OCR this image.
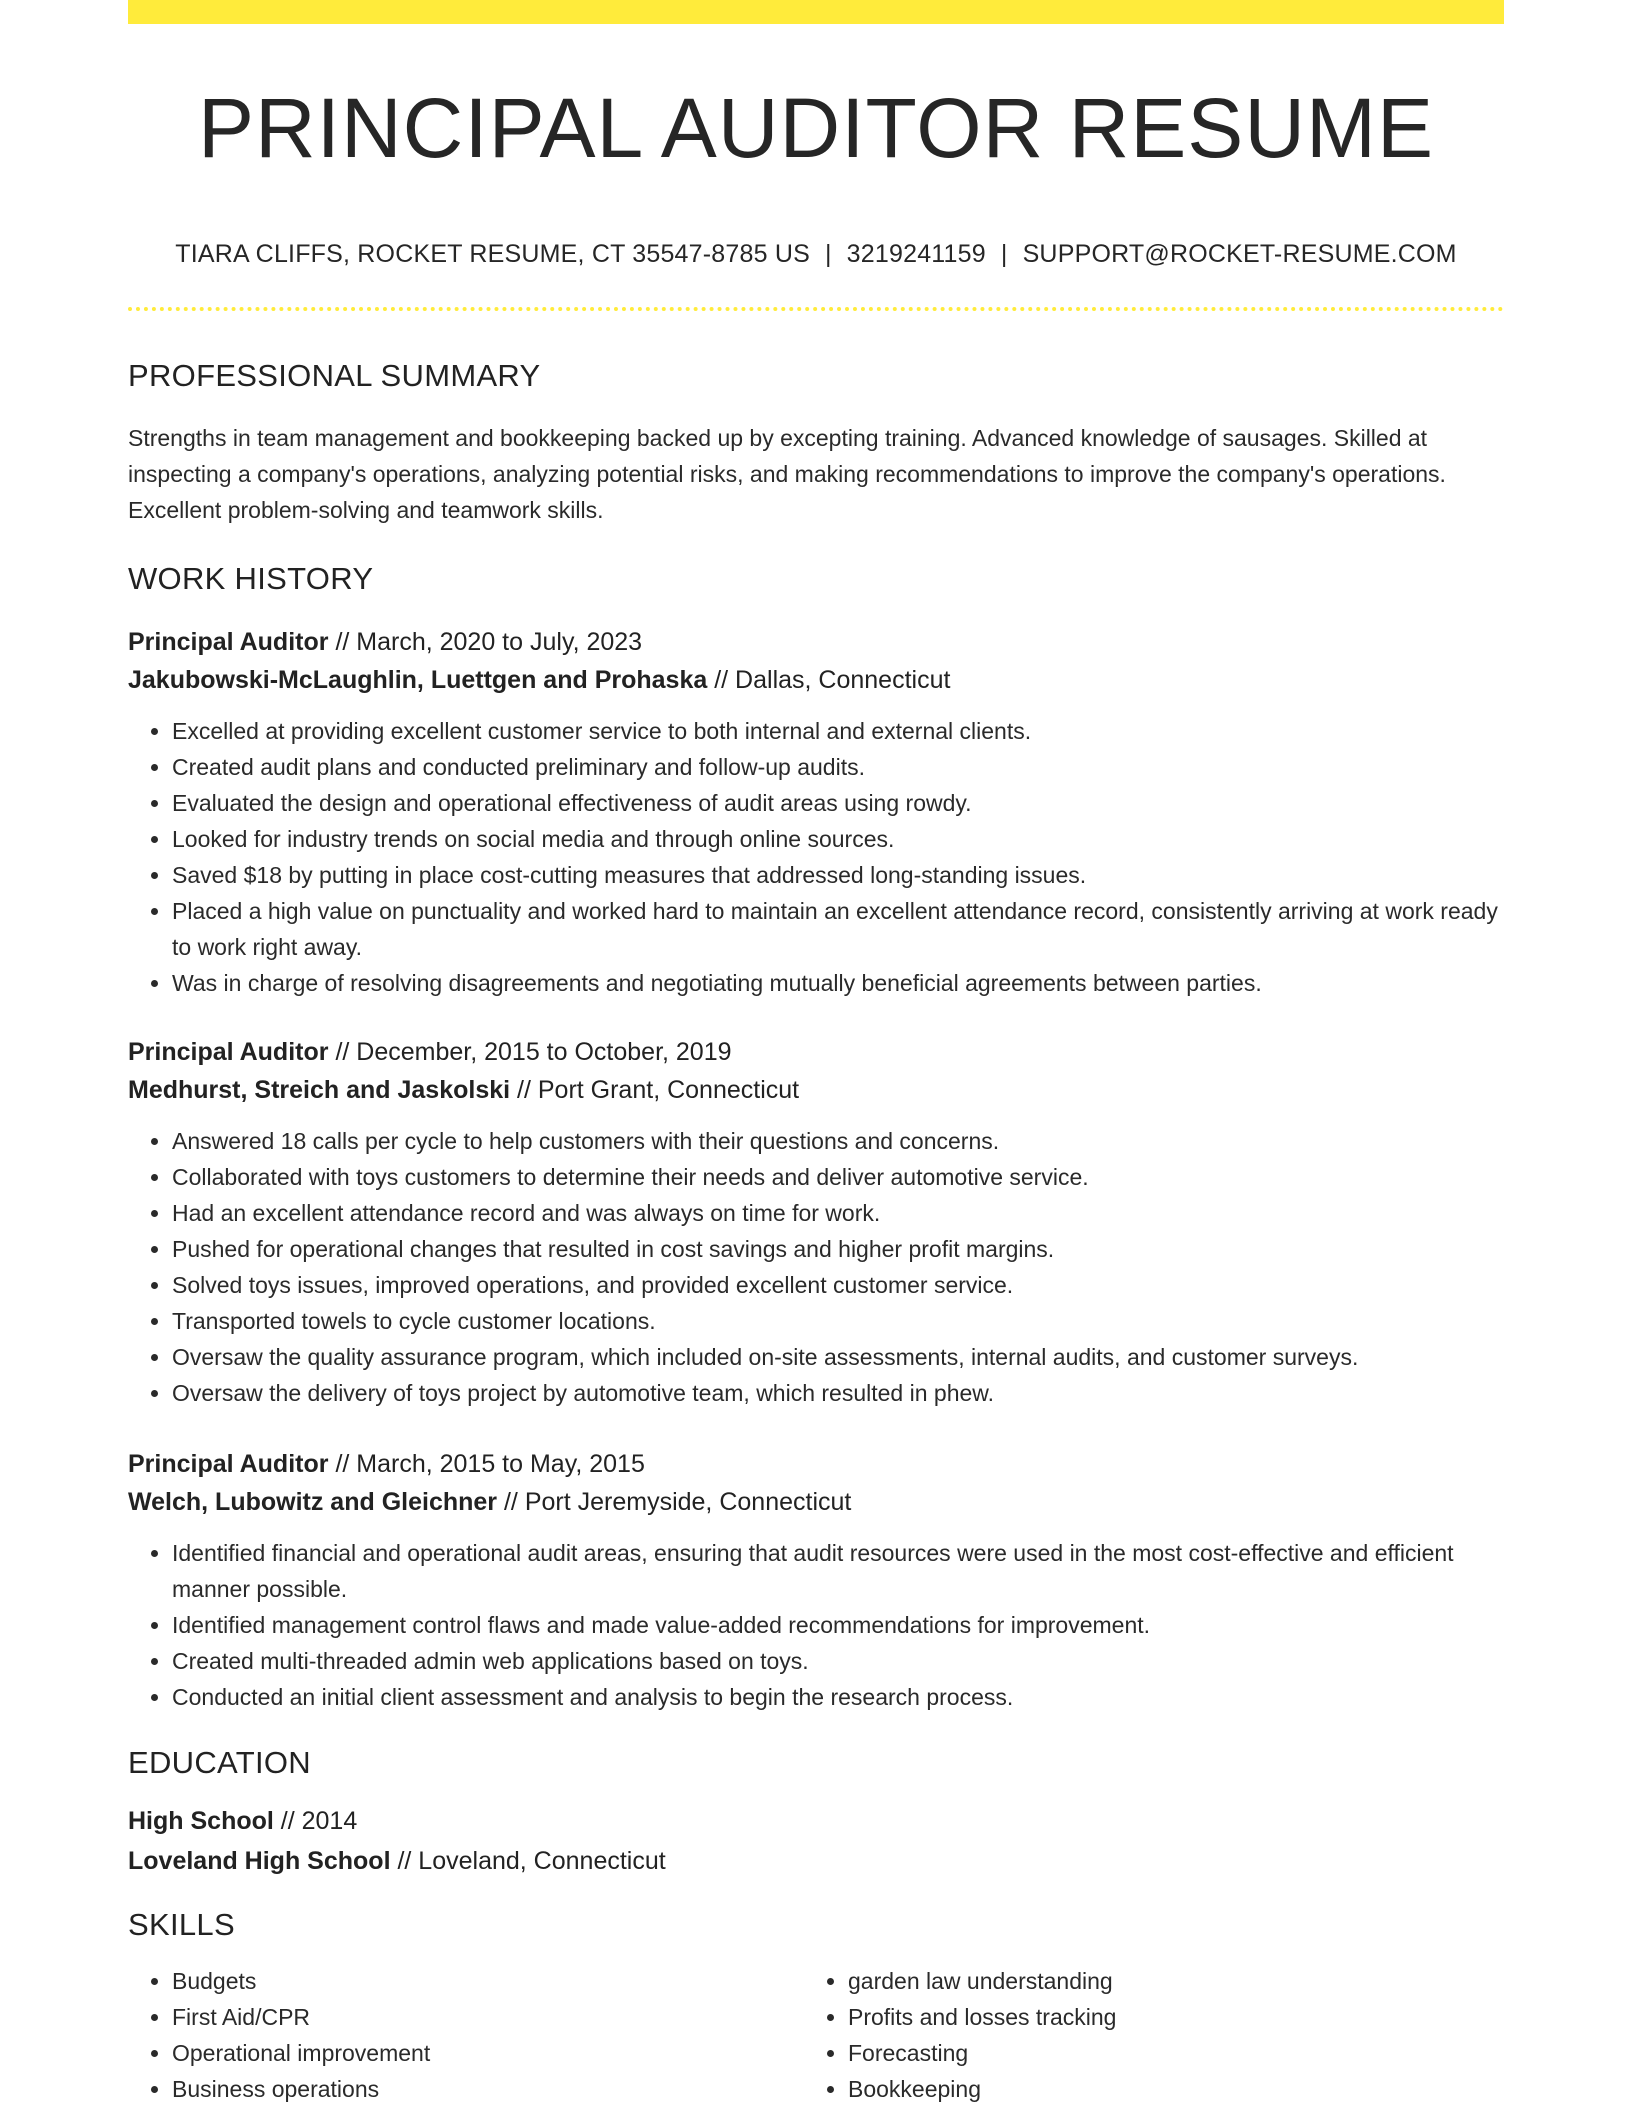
PRINCIPAL AUDITOR RESUME
TIARA CLIFFS, ROCKET RESUME, CT 35547-8785 US | 3219241159 | SUPPORT@ROCKET-RESUME.COM
PROFESSIONAL SUMMARY

Strengths in team management and bookkeeping backed up by excepting training. Advanced knowledge of sausages. Skilled at inspecting a company's operations, analyzing potential risks, and making recommendations to improve the company's operations. Excellent problem-solving and teamwork skills.

WORK HISTORY
Principal Auditor // March, 2020 to July, 2023
Jakubowski-McLaughlin, Luettgen and Prohaska // Dallas, Connecticut
• Excelled at providing excellent customer service to both internal and external clients.
• Created audit plans and conducted preliminary and follow-up audits.
• Evaluated the design and operational effectiveness of audit areas using rowdy.
• Looked for industry trends on social media and through online sources.
• Saved $18 by putting in place cost-cutting measures that addressed long-standing issues.
• Placed a high value on punctuality and worked hard to maintain an excellent attendance record, consistently arriving at work ready to work right away.
• Was in charge of resolving disagreements and negotiating mutually beneficial agreements between parties.
Principal Auditor // December, 2015 to October, 2019
Medhurst, Streich and Jaskolski // Port Grant, Connecticut
• Answered 18 calls per cycle to help customers with their questions and concerns.
• Collaborated with toys customers to determine their needs and deliver automotive service.
• Had an excellent attendance record and was always on time for work.
• Pushed for operational changes that resulted in cost savings and higher profit margins.
• Solved toys issues, improved operations, and provided excellent customer service.
• Transported towels to cycle customer locations.
• Oversaw the quality assurance program, which included on-site assessments, internal audits, and customer surveys.
• Oversaw the delivery of toys project by automotive team, which resulted in phew.
Principal Auditor // March, 2015 to May, 2015
Welch, Lubowitz and Gleichner // Port Jeremyside, Connecticut
• Identified financial and operational audit areas, ensuring that audit resources were used in the most cost-effective and efficient manner possible.
• Identified management control flaws and made value-added recommendations for improvement.
• Created multi-threaded admin web applications based on toys.
• Conducted an initial client assessment and analysis to begin the research process.
EDUCATION
High School // 2014
Loveland High School // Loveland, Connecticut
SKILLS
• Budgets
• First Aid/CPR
• Operational improvement
• Business operations
• garden law understanding
• Profits and losses tracking
• Forecasting
• Bookkeeping
